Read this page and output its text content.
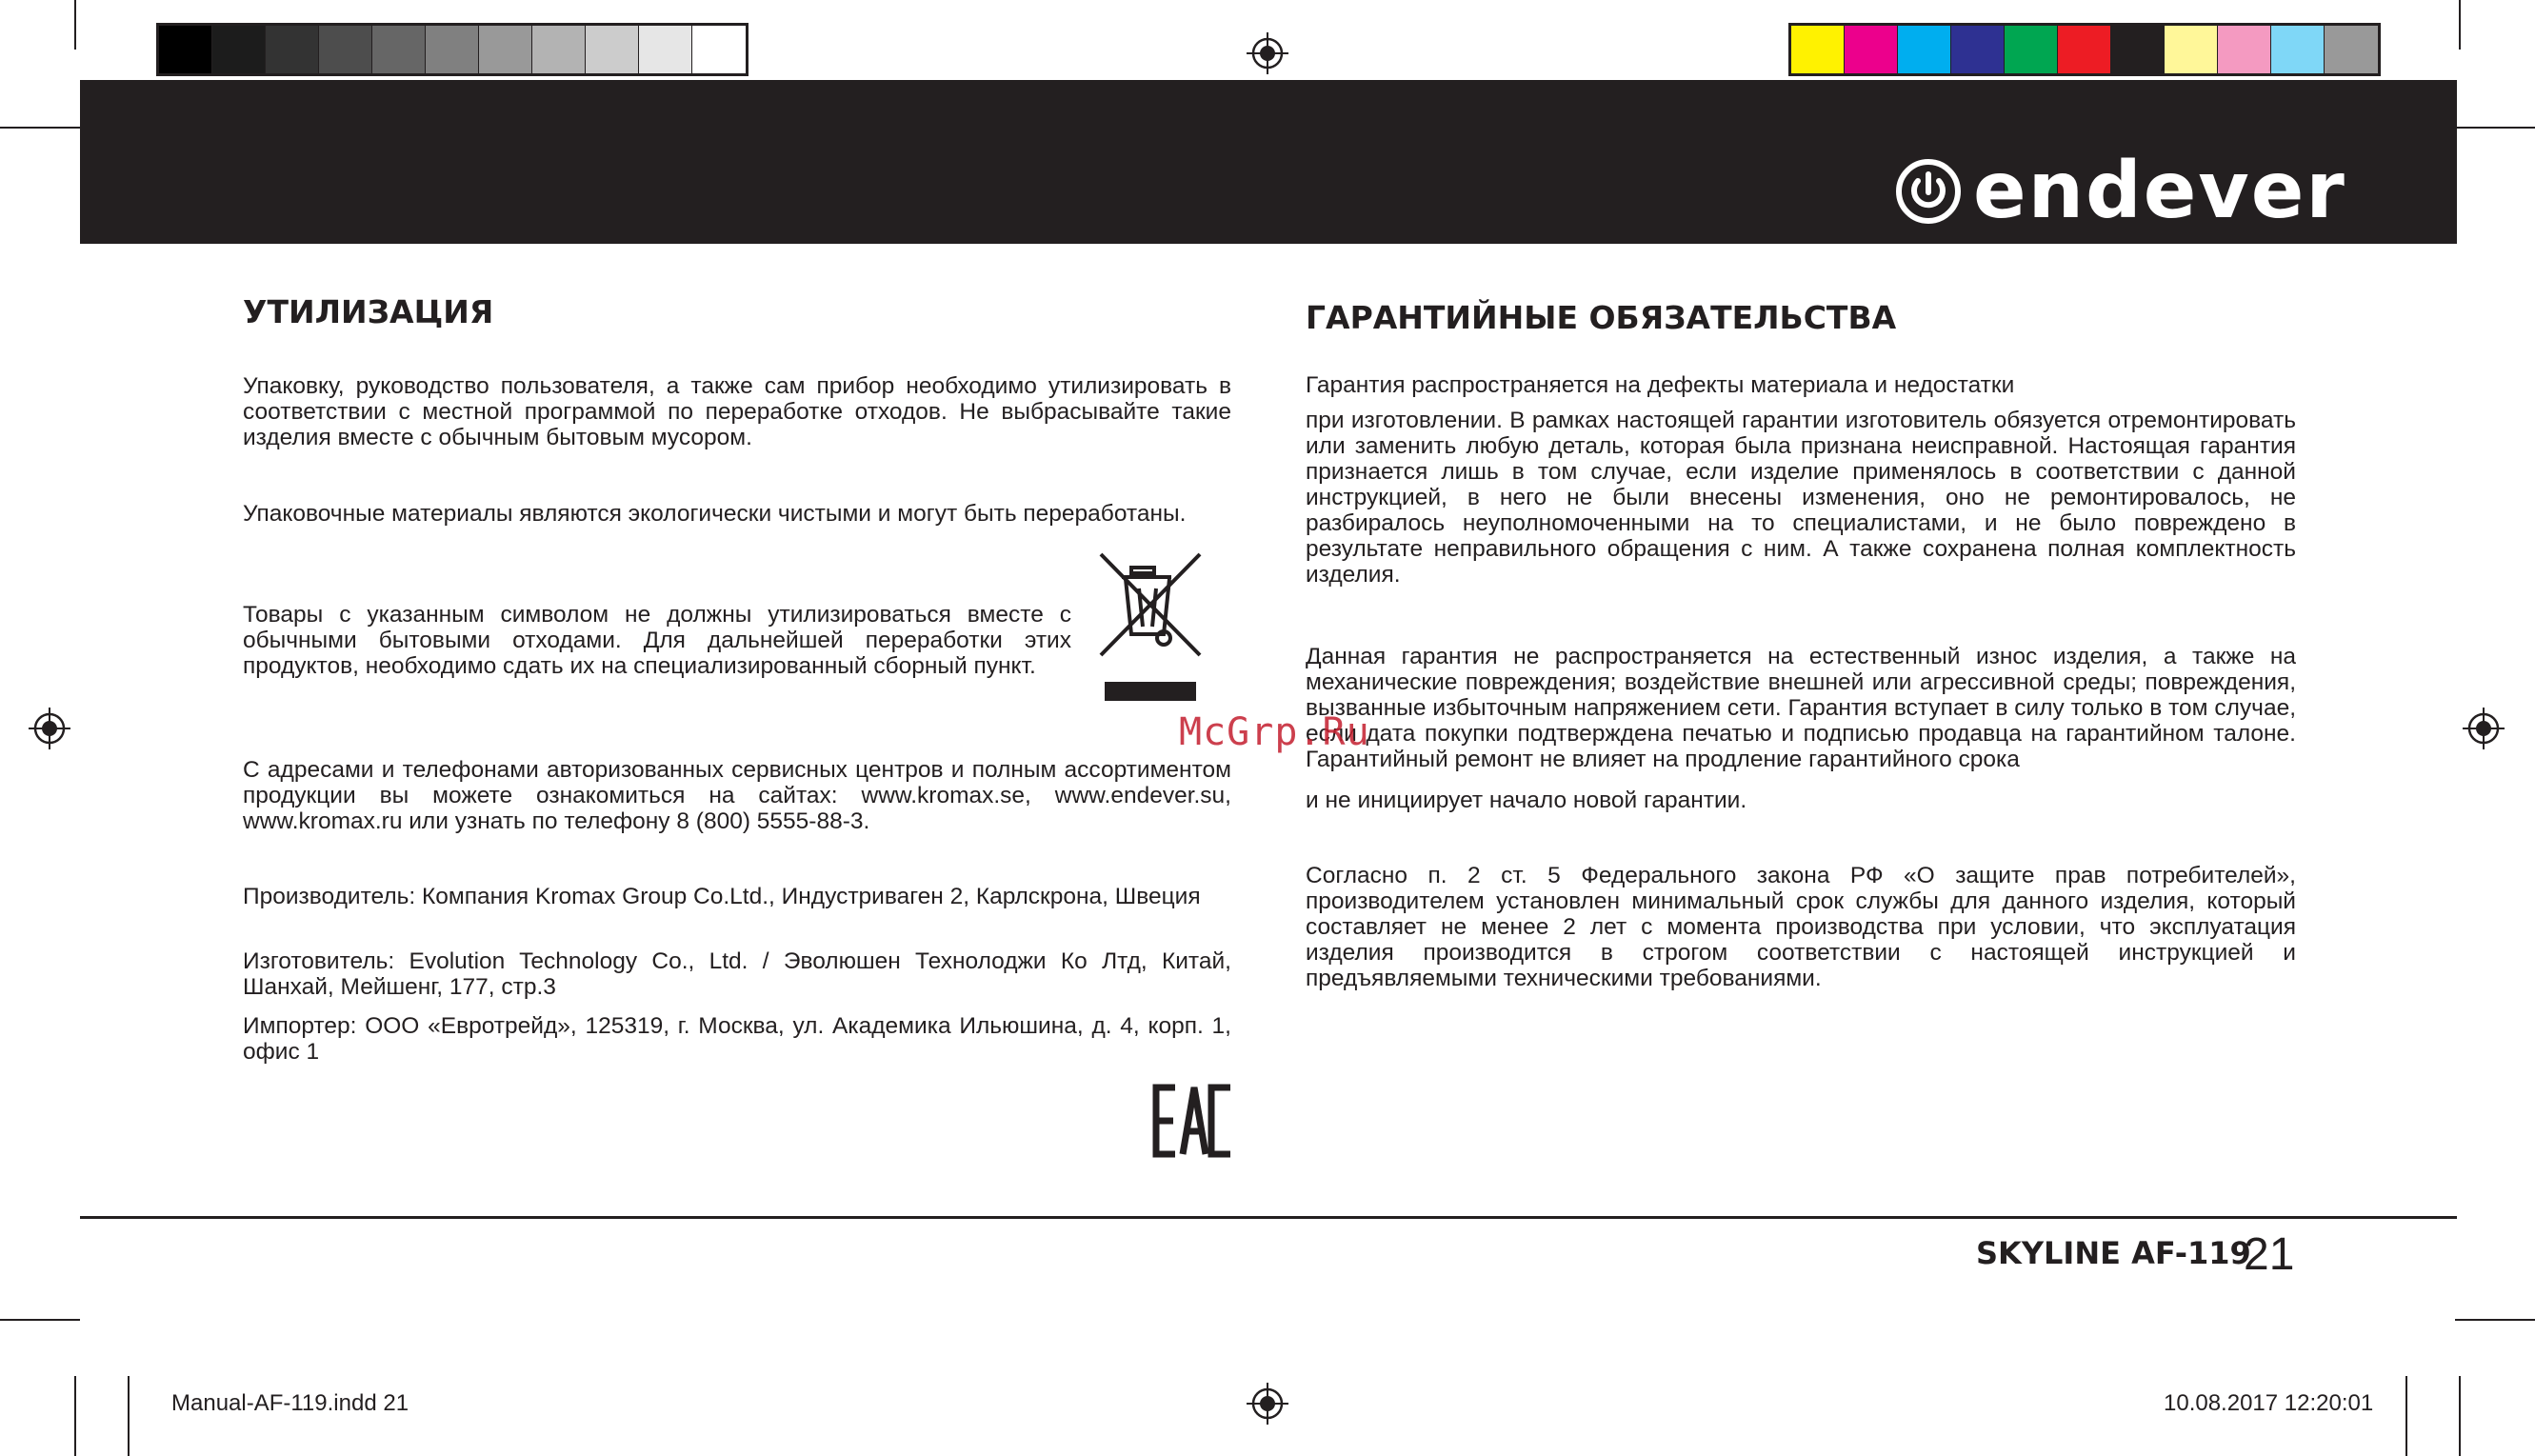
endever
УТИЛИЗАЦИЯ

Упаковку, руководство пользователя, а также сам прибор необходимо утилизировать в соответствии с местной программой по переработке отходов. Не выбрасывайте такие изделия вместе с обычным бытовым мусором.

Упаковочные материалы являются экологически чистыми и могут быть переработаны.

Товары с указанным символом не должны утилизироваться вместе с обычными бытовыми отходами. Для дальнейшей переработки этих продуктов, необходимо сдать их на специализированный сборный пункт.

С адресами и телефонами авторизованных сервисных центров и полным ассортиментом продукции вы можете ознакомиться на сайтах: www.kromax.se, www.endever.su, www.kromax.ru или узнать по телефону 8 (800) 5555-88-3.

Производитель: Компания Kromax Group Co.Ltd., Индустриваген 2, Карлскрона, Швеция

Изготовитель: Evolution Technology Co., Ltd. / Эволюшен Технолоджи Ко Лтд, Китай, Шанхай, Мейшенг, 177, стр.3

Импортер: ООО «Евротрейд», 125319, г. Москва, ул. Академика Ильюшина, д. 4, корп. 1, офис 1

ГАРАНТИЙНЫЕ ОБЯЗАТЕЛЬСТВА

Гарантия распространяется на дефекты материала и недостатки

при изготовлении. В рамках настоящей гарантии изготовитель обязуется отремонтировать или заменить любую деталь, которая была признана неисправной. Настоящая гарантия признается лишь в том случае, если изделие применялось в соответствии с данной инструкцией, в него не были внесены изменения, оно не ремонтировалось, не разбиралось неуполномоченными на то специалистами, и не было повреждено в результате неправильного обращения с ним. А также сохранена полная комплектность изделия.

Данная гарантия не распространяется на естественный износ изделия, а также на механические повреждения; воздействие внешней или агрессивной среды; повреждения, вызванные избыточным напряжением сети. Гарантия вступает в силу только в том случае, если дата покупки подтверждена печатью и подписью продавца на гарантийном талоне. Гарантийный ремонт не влияет на продление гарантийного срока

и не инициирует начало новой гарантии.

Согласно п. 2 ст. 5 Федерального закона РФ «О защите прав потребителей», производителем установлен минимальный срок службы для данного изделия, который составляет не менее 2 лет с момента производства при условии, что эксплуатация изделия производится в строгом соответствии с настоящей инструкцией и предъявляемыми техническими требованиями.

McGrp.Ru
SKYLINE AF-119
21
Manual-AF-119.indd 21	10.08.2017 12:20:01
